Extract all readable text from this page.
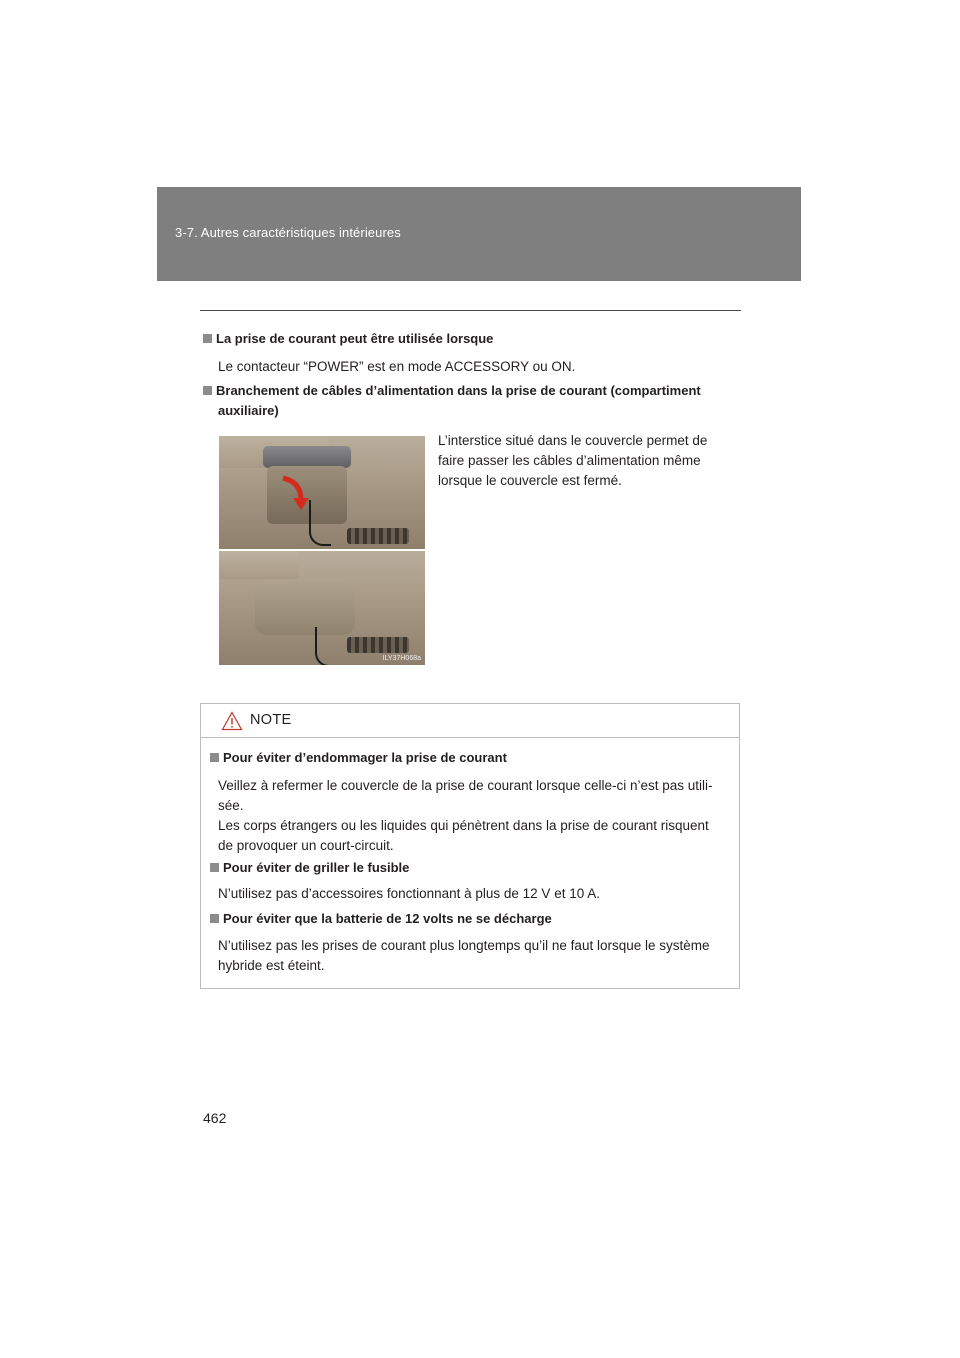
3-7. Autres caractéristiques intérieures
La prise de courant peut être utilisée lorsque
Le contacteur “POWER” est en mode ACCESSORY ou ON.
Branchement de câbles d’alimentation dans la prise de courant (compartiment
auxiliaire)
ILY37H068a
L’interstice situé dans le couvercle permet de
faire passer les câbles d’alimentation même
lorsque le couvercle est fermé.
NOTE
Pour éviter d’endommager la prise de courant
Veillez à refermer le couvercle de la prise de courant lorsque celle-ci n’est pas utili-
sée.
Les corps étrangers ou les liquides qui pénètrent dans la prise de courant risquent
de provoquer un court-circuit.
Pour éviter de griller le fusible
N’utilisez pas d’accessoires fonctionnant à plus de 12 V et 10 A.
Pour éviter que la batterie de 12 volts ne se décharge
N’utilisez pas les prises de courant plus longtemps qu’il ne faut lorsque le système
hybride est éteint.
462
